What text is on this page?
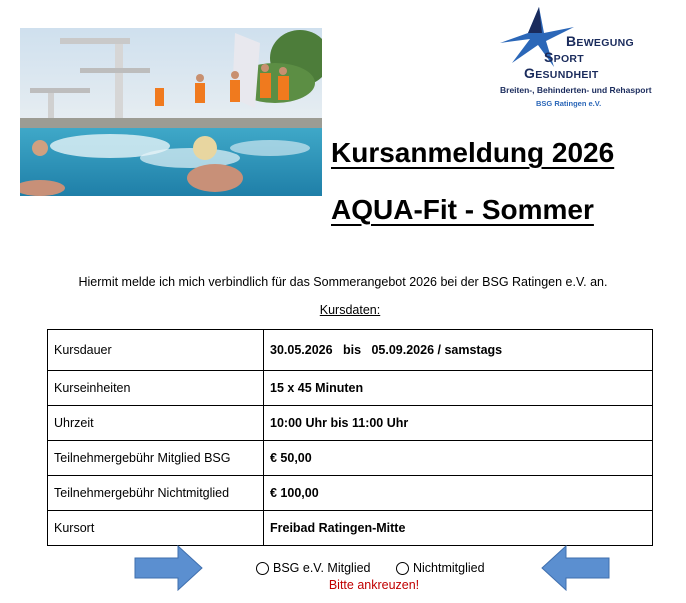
BEWEGUNG
SPORT
GESUNDHEIT
Breiten-, Behinderten- und Rehasport
BSG Ratingen e.V.
Kursanmeldung 2026
AQUA-Fit - Sommer
Hiermit melde ich mich verbindlich für das Sommerangebot 2026 bei der BSG Ratingen e.V. an.
Kursdaten:
Kursdauer	30.05.2026   bis   05.09.2026 / samstags
Kurseinheiten	15 x 45 Minuten
Uhrzeit	10:00 Uhr bis 11:00 Uhr
Teilnehmergebühr Mitglied BSG	€ 50,00
Teilnehmergebühr Nichtmitglied	€ 100,00
Kursort	Freibad Ratingen-Mitte
BSG e.V. Mitglied	Nichtmitglied
Bitte ankreuzen!
